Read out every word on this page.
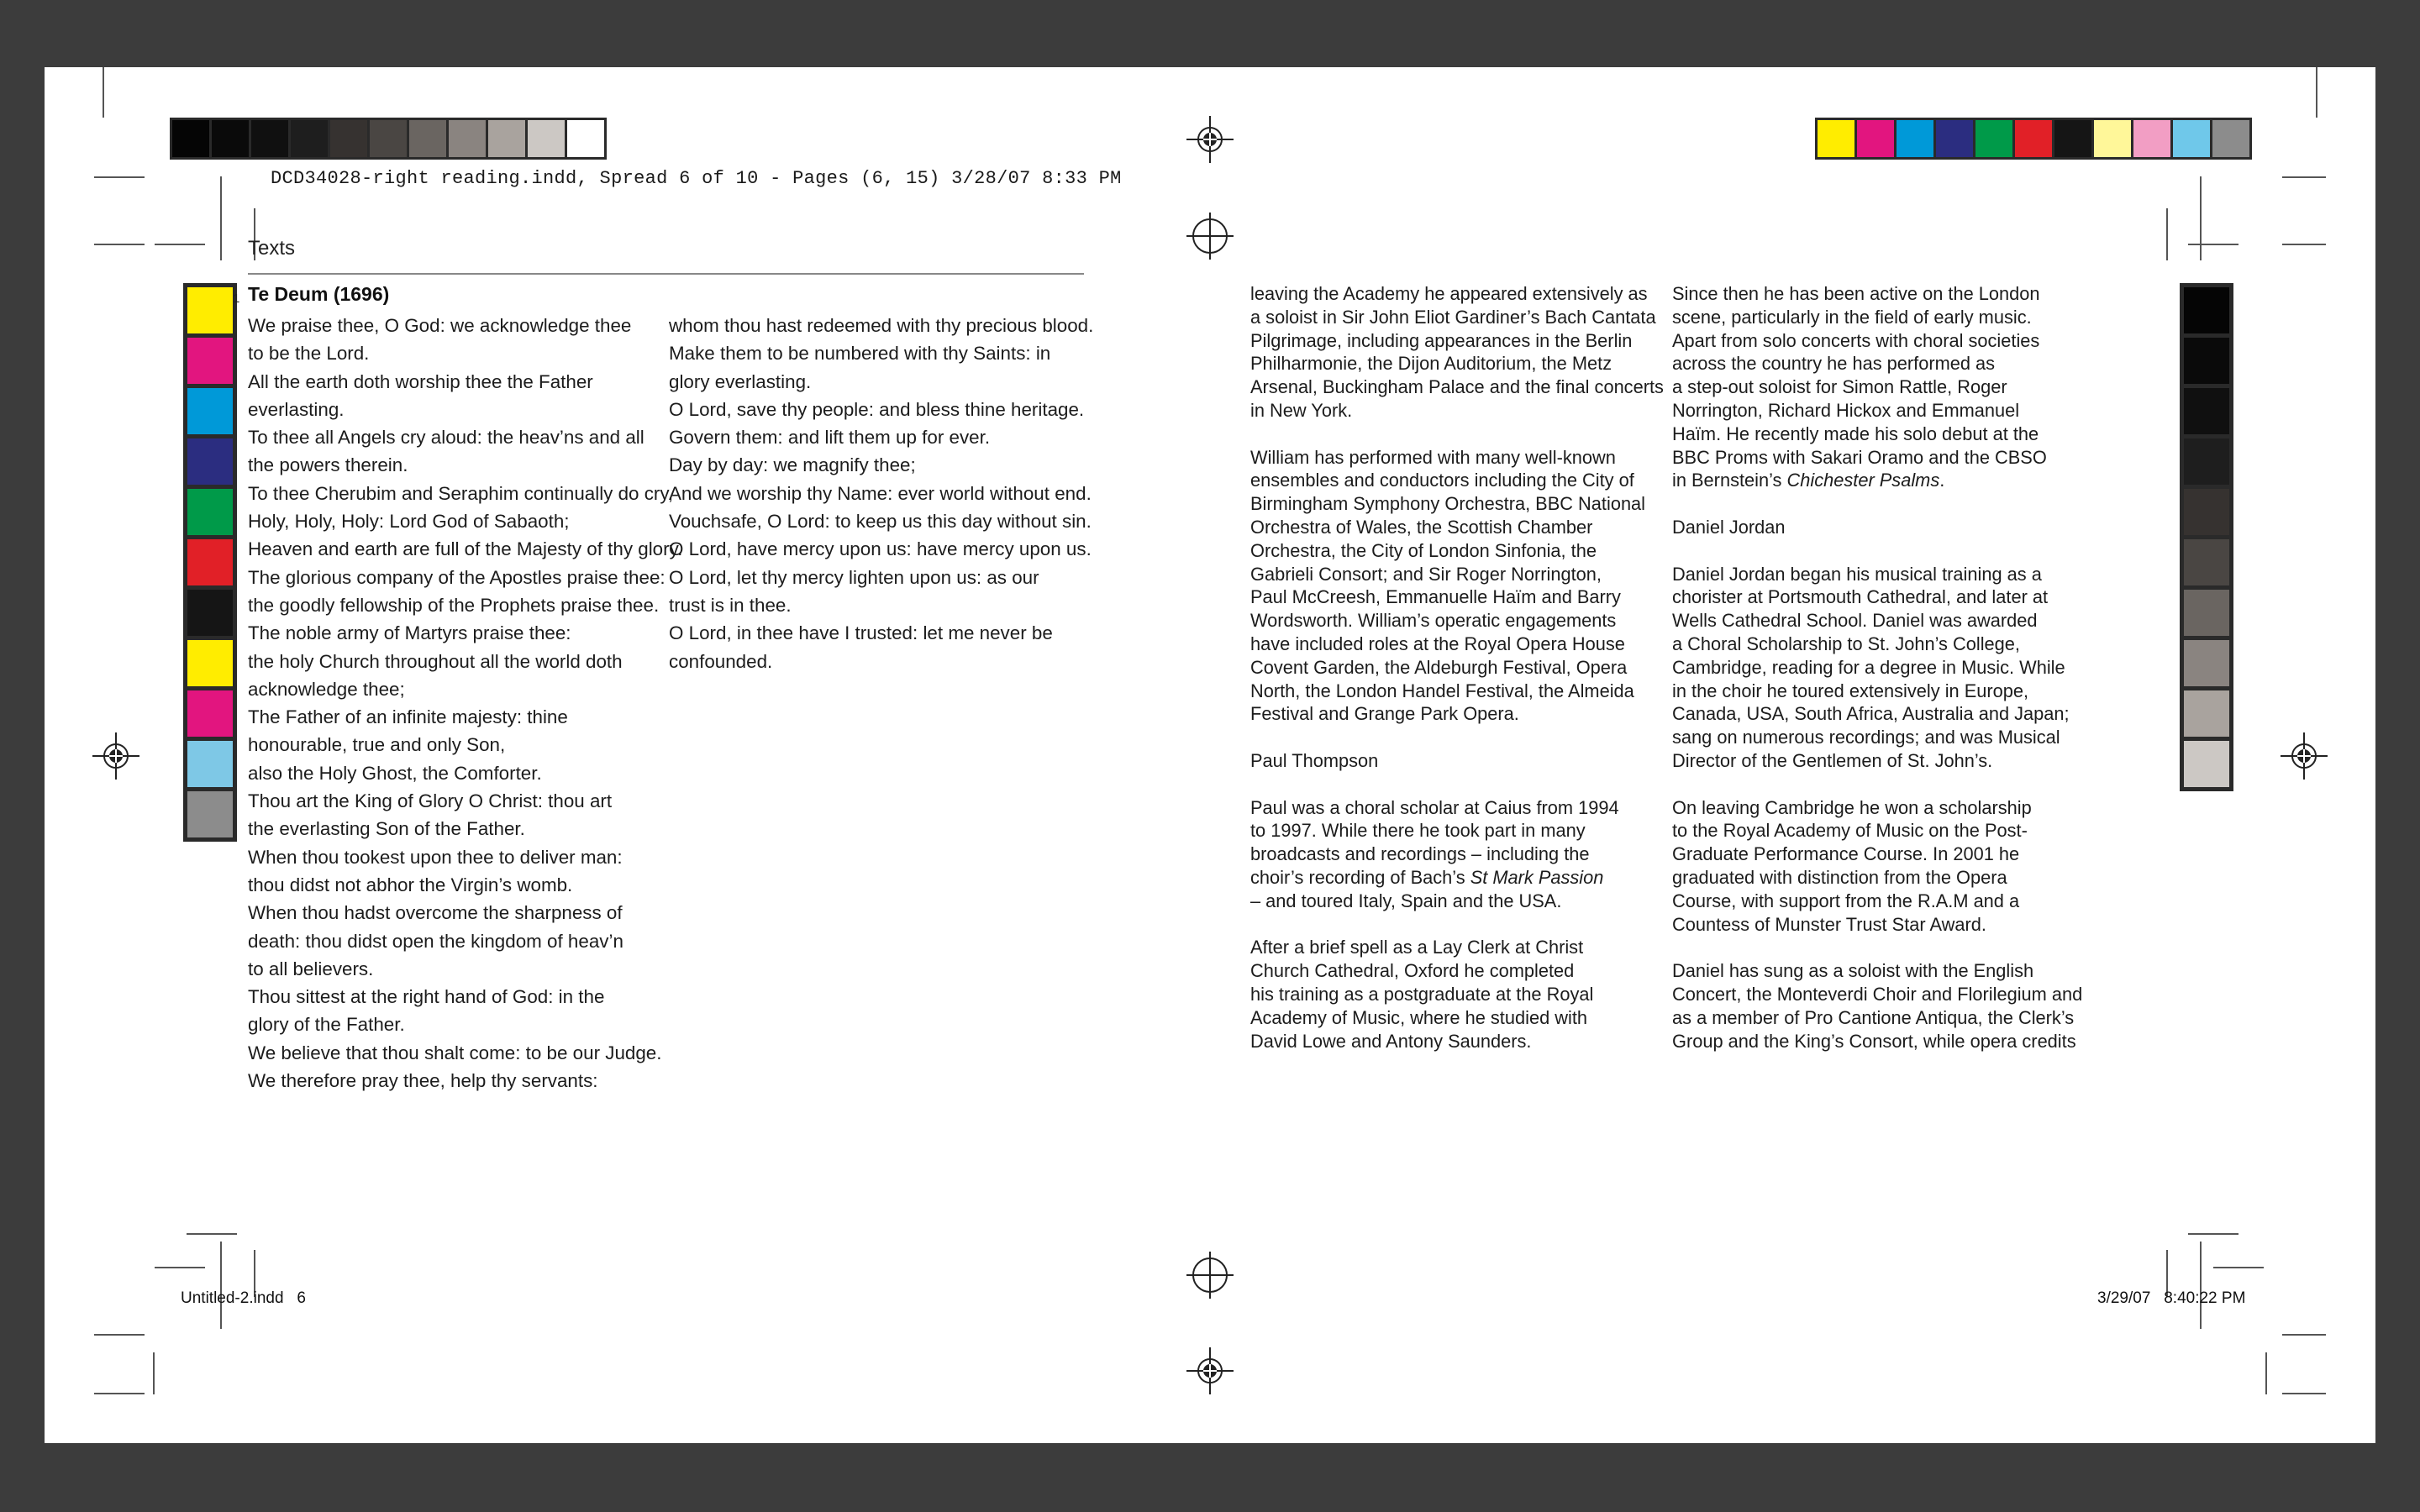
DCD34028-right reading.indd, Spread 6 of 10 - Pages (6, 15) 3/28/07 8:33 PM
Texts
1 Te Deum (1696)
We praise thee, O God: we acknowledge thee
to be the Lord.
All the earth doth worship thee the Father
everlasting.
To thee all Angels cry aloud: the heav’ns and all
the powers therein.
To thee Cherubim and Seraphim continually do cry,
Holy, Holy, Holy: Lord God of Sabaoth;
Heaven and earth are full of the Majesty of thy glory.
The glorious company of the Apostles praise thee:
the goodly fellowship of the Prophets praise thee.
The noble army of Martyrs praise thee:
the holy Church throughout all the world doth
acknowledge thee;
The Father of an infinite majesty: thine
honourable, true and only Son,
also the Holy Ghost, the Comforter.
Thou art the King of Glory O Christ: thou art
the everlasting Son of the Father.
When thou tookest upon thee to deliver man:
thou didst not abhor the Virgin’s womb.
When thou hadst overcome the sharpness of
death: thou didst open the kingdom of heav’n
to all believers.
Thou sittest at the right hand of God: in the
glory of the Father.
We believe that thou shalt come: to be our Judge.
We therefore pray thee, help thy servants:
whom thou hast redeemed with thy precious blood.
Make them to be numbered with thy Saints: in
glory everlasting.
O Lord, save thy people: and bless thine heritage.
Govern them: and lift them up for ever.
Day by day: we magnify thee;
And we worship thy Name: ever world without end.
Vouchsafe, O Lord: to keep us this day without sin.
O Lord, have mercy upon us: have mercy upon us.
O Lord, let thy mercy lighten upon us: as our
trust is in thee.
O Lord, in thee have I trusted: let me never be
confounded.
leaving the Academy he appeared extensively as
a soloist in Sir John Eliot Gardiner’s Bach Cantata
Pilgrimage, including appearances in the Berlin
Philharmonie, the Dijon Auditorium, the Metz
Arsenal, Buckingham Palace and the final concerts
in New York.

William has performed with many well-known
ensembles and conductors including the City of
Birmingham Symphony Orchestra, BBC National
Orchestra of Wales, the Scottish Chamber
Orchestra, the City of London Sinfonia, the
Gabrieli Consort; and Sir Roger Norrington,
Paul McCreesh, Emmanuelle Haïm and Barry
Wordsworth. William’s operatic engagements
have included roles at the Royal Opera House
Covent Garden, the Aldeburgh Festival, Opera
North, the London Handel Festival, the Almeida
Festival and Grange Park Opera.

Paul Thompson

Paul was a choral scholar at Caius from 1994
to 1997. While there he took part in many
broadcasts and recordings – including the
choir’s recording of Bach’s St Mark Passion
– and toured Italy, Spain and the USA.

After a brief spell as a Lay Clerk at Christ
Church Cathedral, Oxford he completed
his training as a postgraduate at the Royal
Academy of Music, where he studied with
David Lowe and Antony Saunders.
Since then he has been active on the London
scene, particularly in the field of early music.
Apart from solo concerts with choral societies
across the country he has performed as
a step-out soloist for Simon Rattle, Roger
Norrington, Richard Hickox and Emmanuel
Haïm. He recently made his solo debut at the
BBC Proms with Sakari Oramo and the CBSO
in Bernstein’s Chichester Psalms.

Daniel Jordan

Daniel Jordan began his musical training as a
chorister at Portsmouth Cathedral, and later at
Wells Cathedral School. Daniel was awarded
a Choral Scholarship to St. John’s College,
Cambridge, reading for a degree in Music. While
in the choir he toured extensively in Europe,
Canada, USA, South Africa, Australia and Japan;
sang on numerous recordings; and was Musical
Director of the Gentlemen of St. John’s.

On leaving Cambridge he won a scholarship
to the Royal Academy of Music on the Post-
Graduate Performance Course. In 2001 he
graduated with distinction from the Opera
Course, with support from the R.A.M and a
Countess of Munster Trust Star Award.

Daniel has sung as a soloist with the English
Concert, the Monteverdi Choir and Florilegium and
as a member of Pro Cantione Antiqua, the Clerk’s
Group and the King’s Consort, while opera credits
Untitled-2.indd   6	3/29/07   8:40:22 PM
